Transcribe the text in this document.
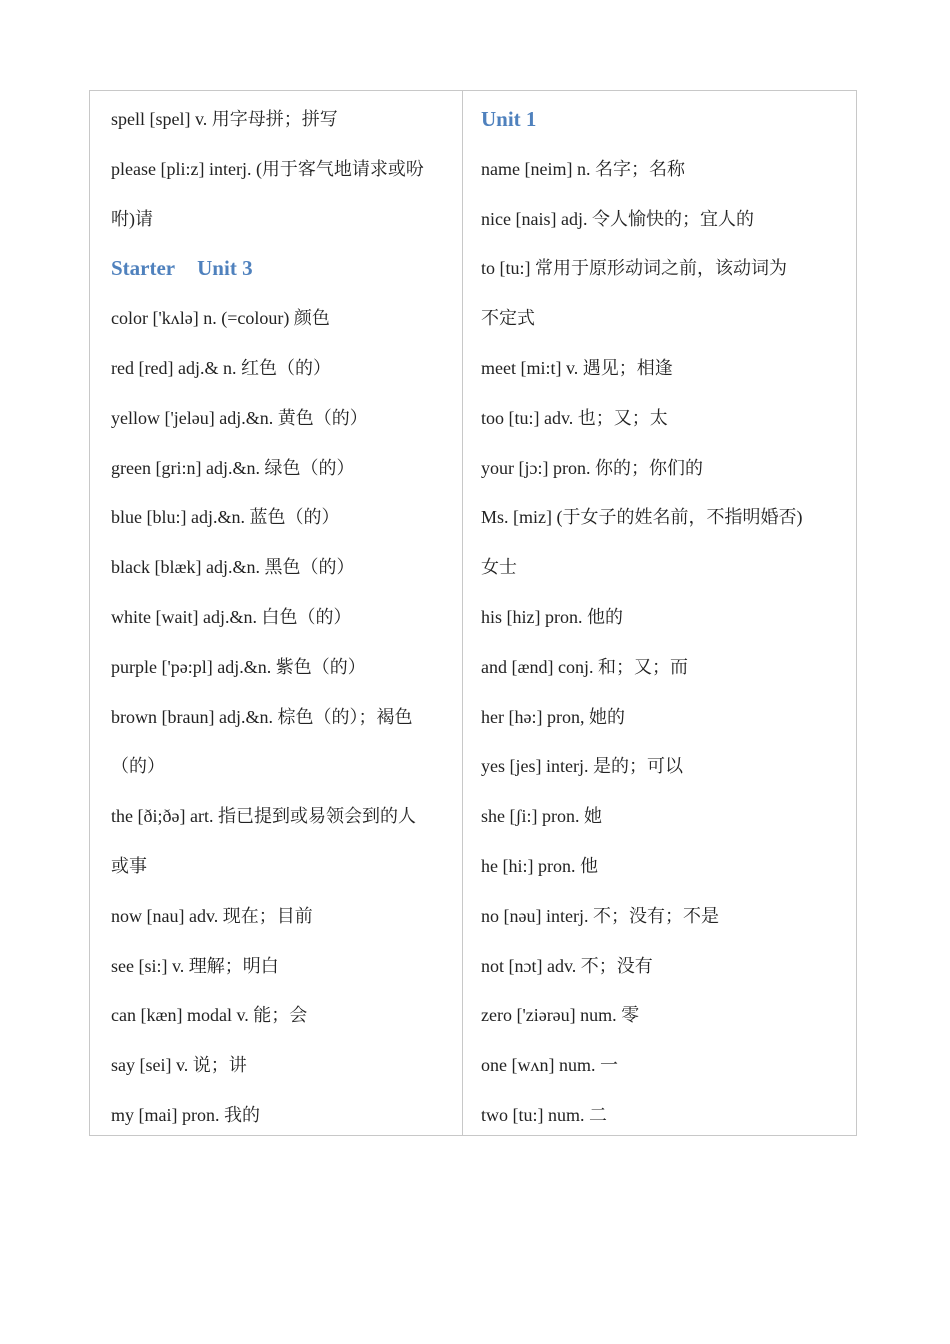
spell [spel] v. 用字母拼；拼写
please [pli:z] interj. (用于客气地请求或吩
咐)请
Starter Unit 3
color ['kʌlə] n. (=colour) 颜色
red [red] adj.& n. 红色（的）
yellow ['jeləu] adj.&n. 黄色（的）
green [gri:n] adj.&n. 绿色（的）
blue [blu:] adj.&n. 蓝色（的）
black [blæk] adj.&n. 黑色（的）
white [wait] adj.&n. 白色（的）
purple ['pə:pl] adj.&n. 紫色（的）
brown [braun] adj.&n. 棕色（的）；褐色
（的）
the [ði;ðə] art. 指已提到或易领会到的人
或事
now [nau] adv. 现在；目前
see [si:] v. 理解；明白
can [kæn] modal v. 能；会
say [sei] v. 说；讲
my [mai] pron. 我的
Unit 1
name [neim] n. 名字；名称
nice [nais] adj. 令人愉快的；宜人的
to [tu:] 常用于原形动词之前，该动词为
不定式
meet [mi:t] v. 遇见；相逢
too [tu:] adv. 也；又；太
your [jɔ:] pron. 你的；你们的
Ms. [miz] (于女子的姓名前，不指明婚否)
女士
his [hiz] pron. 他的
and [ænd] conj. 和；又；而
her [hə:] pron, 她的
yes [jes] interj. 是的；可以
she [ʃi:] pron. 她
he [hi:] pron. 他
no [nəu] interj. 不；没有；不是
not [nɔt] adv. 不；没有
zero ['ziərəu] num. 零
one [wʌn] num. 一
two [tu:] num. 二
